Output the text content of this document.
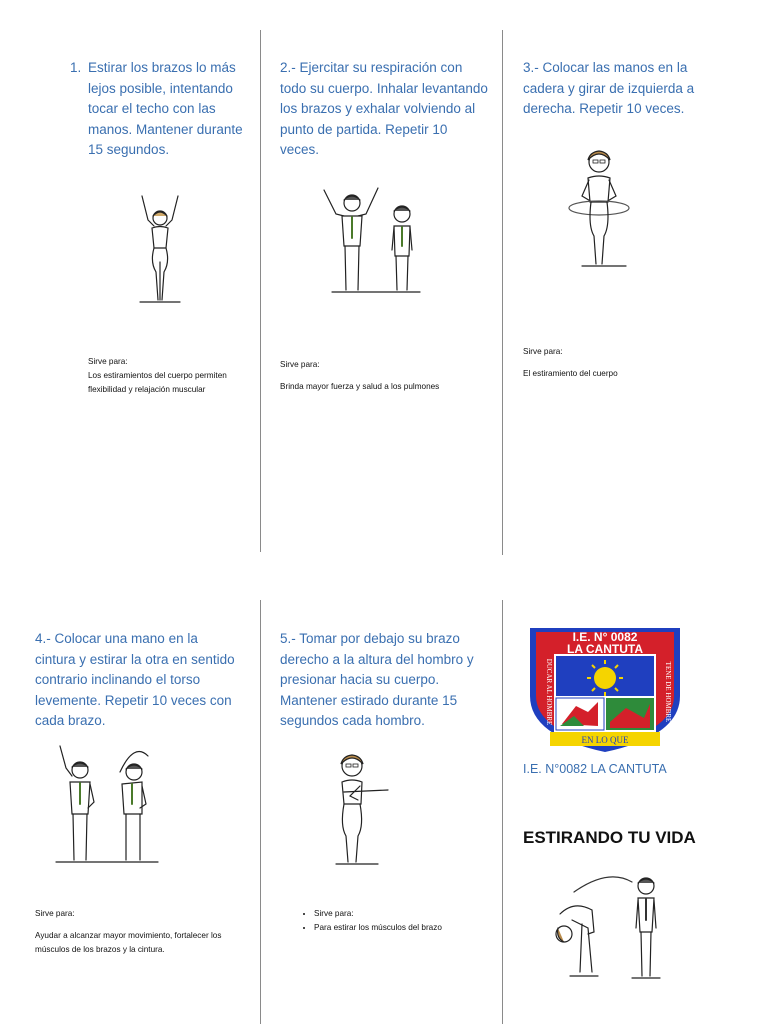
1. Estirar los brazos lo más lejos posible, intentando tocar el techo con las manos. Mantener durante 15 segundos.
Sirve para:
Los estiramientos del cuerpo permiten flexibilidad y relajación muscular
2.- Ejercitar su respiración con todo su cuerpo. Inhalar levantando los brazos y exhalar volviendo al punto de partida. Repetir 10 veces.
Sirve para:
Brinda mayor fuerza y salud a los pulmones
3.- Colocar las manos en la cadera y girar de izquierda a derecha. Repetir 10 veces.
Sirve para:
El estiramiento del cuerpo
4.- Colocar una mano en la cintura y estirar la otra en sentido contrario inclinando el torso levemente. Repetir 10 veces con cada brazo.
Sirve para:
Ayudar a alcanzar mayor movimiento, fortalecer los músculos de los brazos y la cintura.
5.- Tomar por debajo su brazo derecho a la altura del hombro y presionar hacia su cuerpo. Mantener estirado durante 15 segundos cada hombro.
• Sirve para:
• Para estirar los músculos del brazo
I.E. N° 0082
LA CANTUTA
DUCAR AL HOMBRE	TENE DE HOMBRE
EN LO QUE
I.E. N°0082 LA CANTUTA
ESTIRANDO TU VIDA
